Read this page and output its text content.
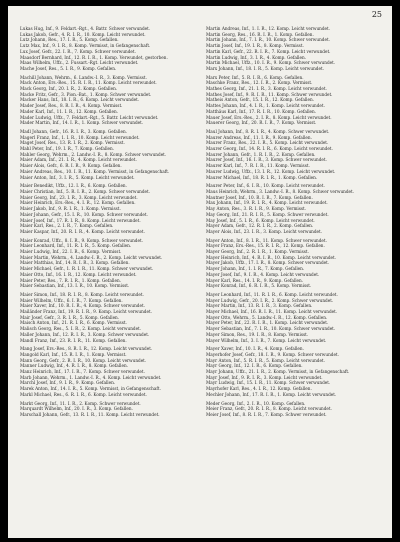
25

Lukas Hug, Inf., 9. Feldart.-Rgt., 4. Battr. Schwer verwundet.

Lukas Jakob, Gefr., 4. R. I. R., 10. Komp. Leicht verwundet.

Lutz Johann, Res., 17. I. R., 5. Komp. Gefallen.

Lutz Max, Inf., 9. I. R., 8. Komp. Vermisst, in Gefangenschaft.

Lux Josef, Gefr., 22. I. R., 7. Komp. Schwer verwundet.

Maasdorf Bernhard, Inf., 12. R. I. R., 1. Komp. Verwundet, gestorben.

Maas Wilhelm, Uffz., 2. Fussart.-Rgt. Leicht verwundet.

Mache Josef, Res., 5. I. R., 9. Komp. Gefallen.

Machill Johann, Wehrm., 6. Landw.-I. R., 3. Komp. Vermisst.

Mack Anton, Ers.-Res., 15. R. I. R., 11. Komp. Leicht verwundet.

Mack Georg, Inf., 20. I. R., 2. Komp. Gefallen.

Macke Fritz, Gefr., 3. Pion.-Bat., 1. Komp. Schwer verwundet.

Macker Hans, Inf., 18. I. R., 6. Komp. Leicht verwundet.

Mader Josef, Res., 8. R. I. R., 4. Komp. Vermisst.

Mader Karl, Inf., 11. I. R., 12. Komp. Gefallen.

Mader Ludwig, Uffz., 7. Feldart.-Rgt., 5. Battr. Leicht verwundet.

Mader Martin, Inf., 14. I. R., 1. Komp. Schwer verwundet.

Madl Johann, Gefr., 16. R. I. R., 3. Komp. Gefallen.

Magerl Franz, Inf., 1. I. R., 10. Komp. Leicht verwundet.

Maget Josef, Res., 13. R. I. R., 2. Komp. Vermisst.

Mahl Peter, Inf., 19. I. R., 7. Komp. Gefallen.

Mahler Georg, Wehrm., 2. Landw.-I. R., 8. Komp. Schwer verwundet.

Maier Adam, Inf., 21. I. R., 4. Komp. Leicht verwundet.

Maier Alois, Gefr., 6. R. I. R., 9. Komp. Gefallen.

Maier Andreas, Res., 10. I. R., 11. Komp. Vermisst, in Gefangenschaft.

Maier Anton, Inf., 3. I. R., 5. Komp. Leicht verwundet.

Maier Benedikt, Uffz., 12. I. R., 6. Komp. Gefallen.

Maier Christian, Inf., 5. R. I. R., 2. Komp. Schwer verwundet.

Maier Georg, Inf., 23. I. R., 3. Komp. Leicht verwundet.

Maier Heinrich, Ers.-Res., 4. I. R., 12. Komp. Gefallen.

Maier Jakob, Inf., 9. R. I. R., 1. Komp. Vermisst.

Maier Johann, Gefr., 15. I. R., 10. Komp. Schwer verwundet.

Maier Josef, Inf., 17. R. I. R., 8. Komp. Leicht verwundet.

Maier Karl, Res., 2. I. R., 7. Komp. Gefallen.

Maier Kaspar, Inf., 20. R. I. R., 4. Komp. Leicht verwundet.

Maier Konrad, Uffz., 8. I. R., 9. Komp. Schwer verwundet.

Maier Leonhard, Inf., 11. R. I. R., 5. Komp. Gefallen.

Maier Ludwig, Inf., 22. I. R., 6. Komp. Vermisst.

Maier Martin, Wehrm., 4. Landw.-I. R., 2. Komp. Leicht verwundet.

Maier Matthias, Inf., 14. R. I. R., 3. Komp. Gefallen.

Maier Michael, Gefr., 1. R. I. R., 11. Komp. Schwer verwundet.

Maier Otto, Inf., 16. I. R., 12. Komp. Leicht verwundet.

Maier Peter, Res., 7. R. I. R., 1. Komp. Gefallen.

Maier Sebastian, Inf., 13. I. R., 10. Komp. Vermisst.

Maier Simon, Inf., 18. R. I. R., 8. Komp. Leicht verwundet.

Maier Wilhelm, Uffz., 6. I. R., 7. Komp. Gefallen.

Maier Xaver, Inf., 10. R. I. R., 4. Komp. Schwer verwundet.

Mailänder Franz, Inf., 19. R. I. R., 9. Komp. Leicht verwundet.

Mair Josef, Gefr., 3. R. I. R., 5. Komp. Gefallen.

Maisch Anton, Inf., 21. R. I. R., 6. Komp. Vermisst.

Malisch Georg, Res., 5. I. R., 2. Komp. Leicht verwundet.

Maller Johann, Inf., 12. R. I. R., 3. Komp. Schwer verwundet.

Mandl Franz, Inf., 23. R. I. R., 11. Komp. Gefallen.

Mang Josef, Ers.-Res., 8. R. I. R., 12. Komp. Leicht verwundet.

Mangold Karl, Inf., 15. R. I. R., 1. Komp. Vermisst.

Mann Georg, Gefr., 2. R. I. R., 10. Komp. Leicht verwundet.

Manner Ludwig, Inf., 4. R. I. R., 8. Komp. Gefallen.

Manz Heinrich, Inf., 17. I. R., 7. Komp. Schwer verwundet.

Marb Johann, Wehrm., 1. Landw.-I. R., 4. Komp. Leicht verwundet.

Marchl Josef, Inf., 9. I. R., 9. Komp. Gefallen.

Marek Anton, Inf., 14. I. R., 5. Komp. Vermisst, in Gefangenschaft.

Markl Michael, Res., 6. R. I. R., 6. Komp. Leicht verwundet.

Markt Georg, Inf., 11. I. R., 2. Komp. Schwer verwundet.

Marquardt Wilhelm, Inf., 20. I. R., 3. Komp. Gefallen.

Marschall Johann, Gefr., 13. R. I. R., 11. Komp. Leicht verwundet.

Martin Andreas, Inf., 1. I. R., 12. Komp. Leicht verwundet.

Martin Georg, Res., 16. R. I. R., 1. Komp. Gefallen.

Martin Johann, Inf., 7. I. R., 10. Komp. Schwer verwundet.

Martin Josef, Inf., 19. I. R., 8. Komp. Vermisst.

Martin Karl, Gefr., 22. R. I. R., 7. Komp. Leicht verwundet.

Martin Ludwig, Inf., 3. I. R., 4. Komp. Gefallen.

Martin Michael, Uffz., 10. I. R., 9. Komp. Schwer verwundet.

Marx Johann, Inf., 18. I. R., 5. Komp. Leicht verwundet.

Marx Peter, Inf., 5. R. I. R., 6. Komp. Gefallen.

Maschke Franz, Res., 12. I. R., 2. Komp. Vermisst.

Mathes Georg, Inf., 21. I. R., 3. Komp. Leicht verwundet.

Mathes Josef, Inf., 9. R. I. R., 11. Komp. Schwer verwundet.

Matheis Anton, Gefr., 15. I. R., 12. Komp. Gefallen.

Mattes Johann, Inf., 4. I. R., 1. Komp. Leicht verwundet.

Matthäus Karl, Inf., 17. R. I. R., 10. Komp. Gefallen.

Mauer Josef, Ers.-Res., 2. I. R., 8. Komp. Leicht verwundet.

Mauerer Georg, Inf., 20. R. I. R., 7. Komp. Vermisst.

Maul Johann, Inf., 8. R. I. R., 4. Komp. Schwer verwundet.

Maurer Andreas, Inf., 11. I. R., 9. Komp. Gefallen.

Maurer Franz, Res., 22. I. R., 5. Komp. Leicht verwundet.

Maurer Georg, Inf., 14. R. I. R., 6. Komp. Leicht verwundet.

Maurer Johann, Gefr., 1. R. I. R., 2. Komp. Gefallen.

Maurer Josef, Inf., 16. I. R., 3. Komp. Schwer verwundet.

Maurer Karl, Inf., 7. R. I. R., 11. Komp. Vermisst.

Maurer Ludwig, Uffz., 13. I. R., 12. Komp. Leicht verwundet.

Maurer Michael, Inf., 18. R. I. R., 1. Komp. Gefallen.

Maurer Peter, Inf., 6. I. R., 10. Komp. Leicht verwundet.

Maus Heinrich, Wehrm., 3. Landw.-I. R., 8. Komp. Schwer verwundet.

Mautner Josef, Inf., 10. R. I. R., 7. Komp. Gefallen.

Max Johann, Inf., 19. R. I. R., 4. Komp. Leicht verwundet.

May Anton, Res., 3. R. I. R., 9. Komp. Vermisst.

May Georg, Inf., 21. R. I. R., 5. Komp. Schwer verwundet.

May Josef, Inf., 5. I. R., 6. Komp. Leicht verwundet.

Mayer Adam, Gefr., 12. R. I. R., 2. Komp. Gefallen.

Mayer Alois, Inf., 23. I. R., 3. Komp. Leicht verwundet.

Mayer Anton, Inf., 8. I. R., 11. Komp. Schwer verwundet.

Mayer Franz, Ers.-Res., 15. R. I. R., 12. Komp. Gefallen.

Mayer Georg, Inf., 2. R. I. R., 1. Komp. Vermisst.

Mayer Heinrich, Inf., 4. R. I. R., 10. Komp. Leicht verwundet.

Mayer Jakob, Uffz., 17. I. R., 8. Komp. Schwer verwundet.

Mayer Johann, Inf., 1. I. R., 7. Komp. Gefallen.

Mayer Josef, Inf., 9. I. R., 4. Komp. Leicht verwundet.

Mayer Karl, Res., 14. I. R., 9. Komp. Gefallen.

Mayer Konrad, Inf., 6. R. I. R., 5. Komp. Vermisst.

Mayer Leonhard, Inf., 11. R. I. R., 6. Komp. Leicht verwundet.

Mayer Ludwig, Gefr., 20. I. R., 2. Komp. Schwer verwundet.

Mayer Martin, Inf., 13. R. I. R., 3. Komp. Gefallen.

Mayer Michael, Inf., 16. R. I. R., 11. Komp. Leicht verwundet.

Mayer Otto, Wehrm., 5. Landw.-I. R., 12. Komp. Gefallen.

Mayer Peter, Inf., 22. R. I. R., 1. Komp. Leicht verwundet.

Mayer Sebastian, Inf., 7. I. R., 10. Komp. Schwer verwundet.

Mayer Simon, Res., 19. I. R., 8. Komp. Vermisst.

Mayer Wilhelm, Inf., 3. I. R., 7. Komp. Leicht verwundet.

Mayer Xaver, Inf., 10. I. R., 4. Komp. Gefallen.

Mayerhofer Josef, Gefr., 18. I. R., 9. Komp. Schwer verwundet.

Mayr Anton, Inf., 5. R. I. R., 5. Komp. Leicht verwundet.

Mayr Georg, Inf., 12. I. R., 6. Komp. Gefallen.

Mayr Johann, Uffz., 21. I. R., 2. Komp. Vermisst, in Gefangenschaft.

Mayr Josef, Inf., 9. R. I. R., 3. Komp. Leicht verwundet.

Mayr Ludwig, Inf., 15. I. R., 11. Komp. Schwer verwundet.

Mayrhofer Karl, Res., 4. I. R., 12. Komp. Gefallen.

Mechler Johann, Inf., 17. R. I. R., 1. Komp. Leicht verwundet.

Meder Georg, Inf., 2. I. R., 10. Komp. Gefallen.

Meier Franz, Gefr., 20. R. I. R., 8. Komp. Leicht verwundet.

Meier Josef, Inf., 8. R. I. R., 7. Komp. Schwer verwundet.
